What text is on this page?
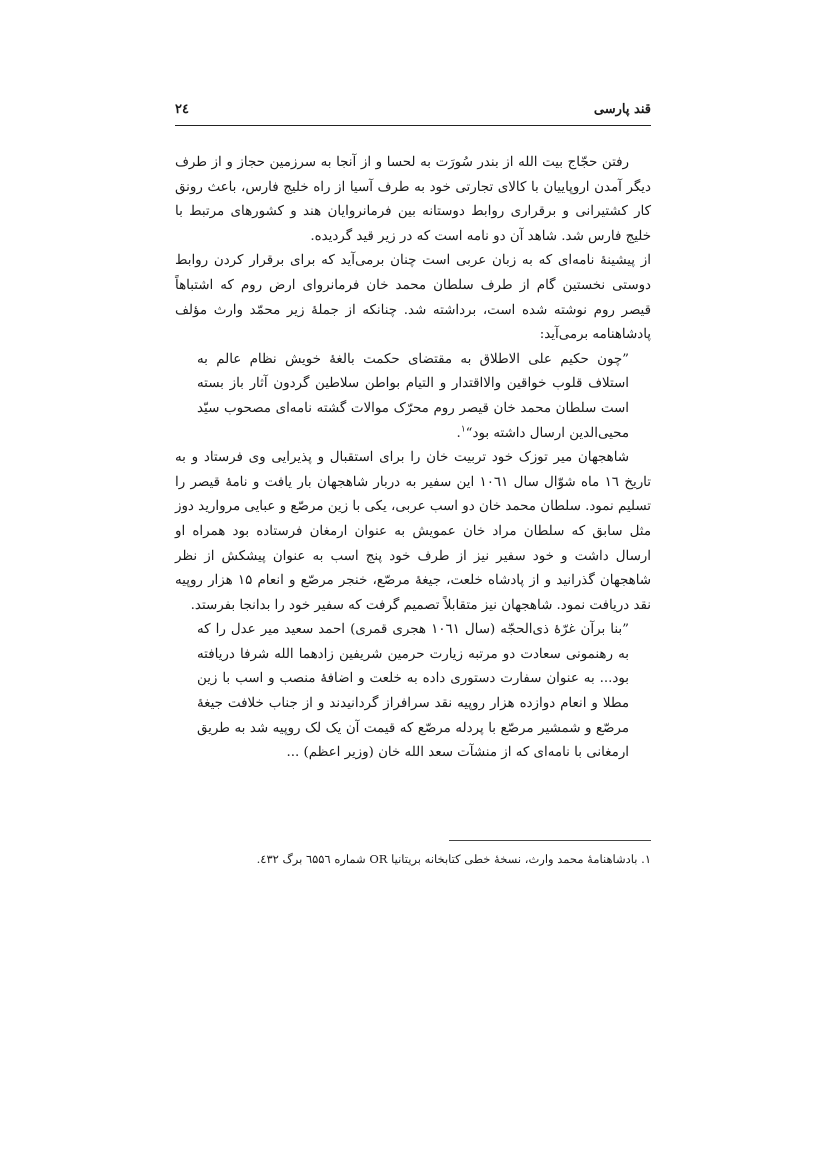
قند پارسی
۲٤

رفتن حجّاج بیت الله از بندر سُورَت به لحسا و از آنجا به سرزمین حجاز و از طرف دیگر آمدن اروپاییان با کالای تجارتی خود به طرف آسیا از راه خلیج فارس، باعث رونق کار کشتیرانی و برقراری روابط دوستانه بین فرمانروایان هند و کشورهای مرتبط با خلیج فارس شد. شاهد آن دو نامه است که در زیر قید گردیده.

از پیشینۀ نامه‌ای که به زبان عربی است چنان برمی‌آید که برای برقرار کردن روابط دوستی نخستین گام از طرف سلطان محمد خان فرمانروای ارض روم که اشتباهاً قیصر روم نوشته شده است، برداشته شد. چنانکه از جملۀ زیر محمّد وارث مؤلف پادشاهنامه برمی‌آید:

”چون حکیم علی الاطلاق به مقتضای حکمت بالغۀ خویش نظام عالم به استلاف قلوب خواقین والااقتدار و التیام بواطن سلاطین گردون آثار باز بسته است سلطان محمد خان قیصر روم محرّک موالات گشته نامه‌ای مصحوب سیّد محیی‌الدین ارسال داشته بود“$^۱$.

شاهجهان میر توزک خود تربیت خان را برای استقبال و پذیرایی وی فرستاد و به تاریخ ۱٦ ماه شوّال سال ۱۰٦۱ این سفیر به دربار شاهجهان بار یافت و نامۀ قیصر را تسلیم نمود. سلطان محمد خان دو اسب عربی، یکی با زین مرصّع و عبایی مروارید دوز مثل سابق که سلطان مراد خان عمویش به عنوان ارمغان فرستاده بود همراه او ارسال داشت و خود سفیر نیز از طرف خود پنج اسب به عنوان پیشکش از نظر شاهجهان گذرانید و از پادشاه خلعت، جیغۀ مرصّع، خنجر مرصّع و انعام ۱۵ هزار روپیه نقد دریافت نمود. شاهجهان نیز متقابلاً تصمیم گرفت که سفیر خود را بدانجا بفرستد.

”بنا برآن غرّۀ ذی‌الحجّه (سال ۱۰٦۱ هجری قمری) احمد سعید میر عدل را که به رهنمونی سعادت دو مرتبه زیارت حرمین شریفین زادهما الله شرفا دریافته بود... به عنوان سفارت دستوری داده به خلعت و اضافۀ منصب و اسب با زین مطلا و انعام دوازده هزار روپیه نقد سرافراز گردانیدند و از جناب خلافت جیغۀ مرصّع و شمشیر مرصّع با پردله مرصّع که قیمت آن یک لک روپیه شد به طریق ارمغانی با نامه‌ای که از منشآت سعد الله خان (وزیر اعظم) ...

۱. بادشاهنامۀ محمد وارث، نسخۀ خطی کتابخانه بریتانیا OR شماره ٦۵۵٦ برگ ٤۳۲.
